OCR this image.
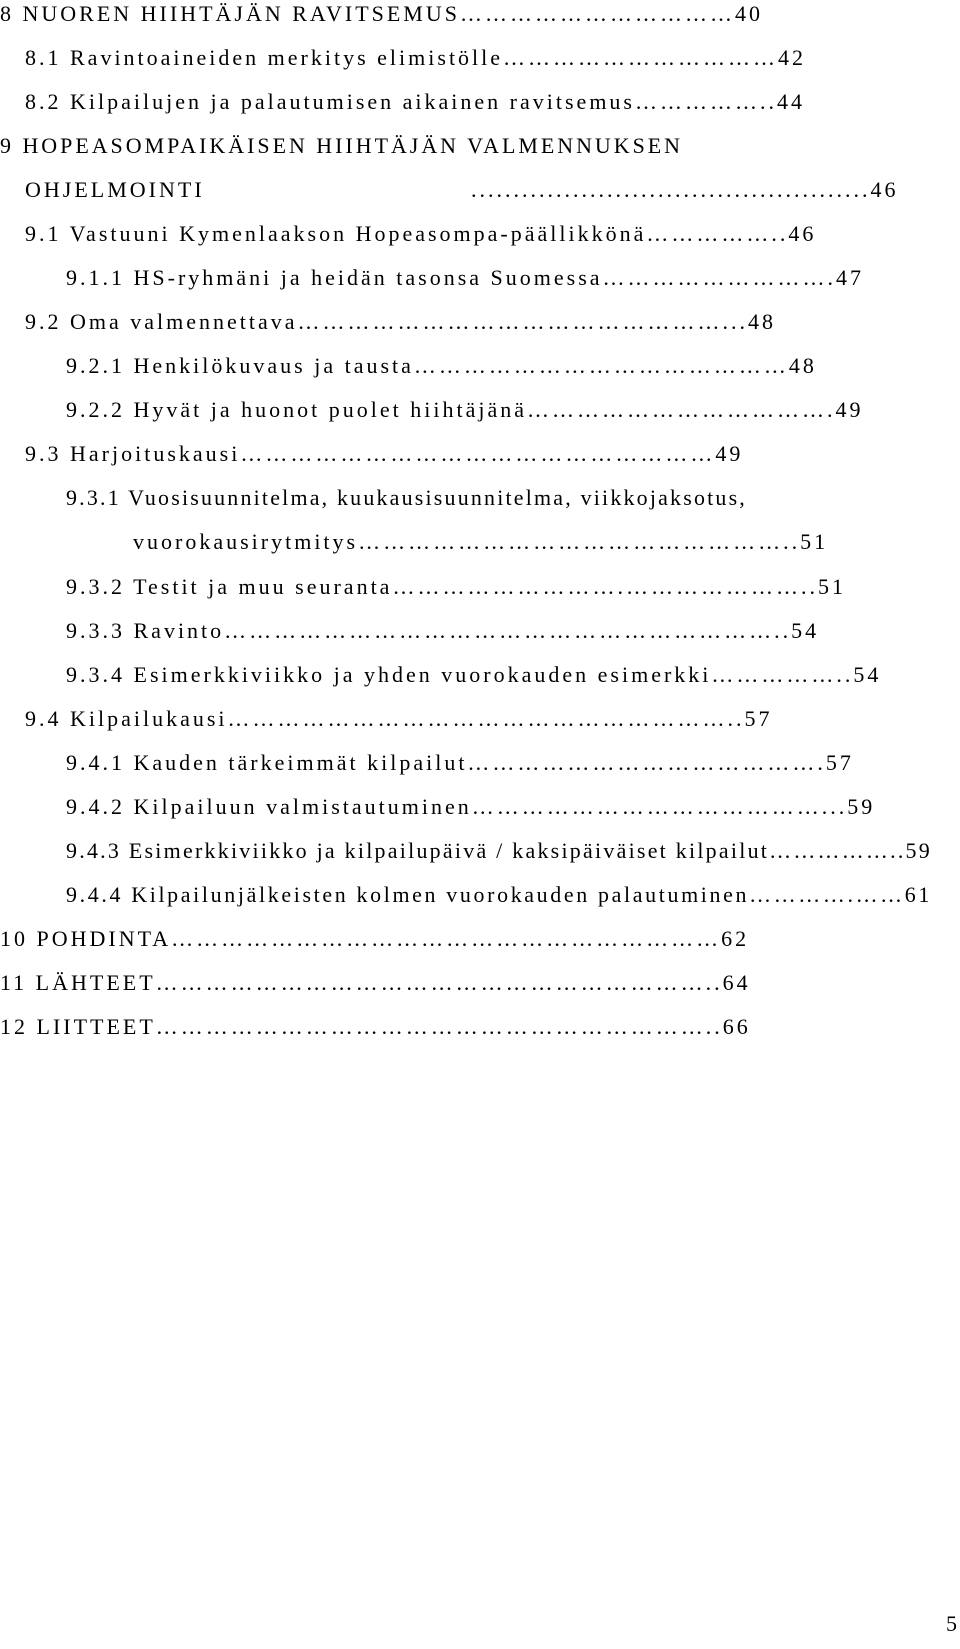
8 NUOREN HIIHTÄJÄN RAVITSEMUS……………………………40
8.1 Ravintoaineiden merkitys elimistölle……………………………42
8.2 Kilpailujen ja palautumisen aikainen ravitsemus……………..44
9 HOPEASOMPAIKÄISEN HIIHTÄJÄN VALMENNUKSEN
OHJELMOINTI	...............................................46
9.1 Vastuuni Kymenlaakson Hopeasompa-päällikkönä……………..46
9.1.1 HS-ryhmäni ja heidän tasonsa Suomessa……………………….47
9.2 Oma valmennettava……………………………………………...48
9.2.1 Henkilökuvaus ja tausta………………………………………48
9.2.2 Hyvät ja huonot puolet hiihtäjänä……………………………….49
9.3 Harjoituskausi…………………………………………………49
9.3.1 Vuosisuunnitelma, kuukausisuunnitelma, viikkojaksotus,
vuorokausirytmitys……………………………………………..51
9.3.2 Testit ja muu seuranta……………………….…………………..51
9.3.3 Ravinto…………………………………………………………..54
9.3.4 Esimerkkiviikko ja yhden vuorokauden esimerkki……………..54
9.4 Kilpailukausi……………………………………………………..57
9.4.1 Kauden tärkeimmät kilpailut…………………………………….57
9.4.2 Kilpailuun valmistautuminen……………………………………...59
9.4.3 Esimerkkiviikko ja kilpailupäivä / kaksipäiväiset kilpailut……………..59
9.4.4 Kilpailunjälkeisten kolmen vuorokauden palautuminen………….……61
10 POHDINTA…………………………………………………………62
11 LÄHTEET…………………………………………………………..64
12 LIITTEET…………………………………………………………..66
5
